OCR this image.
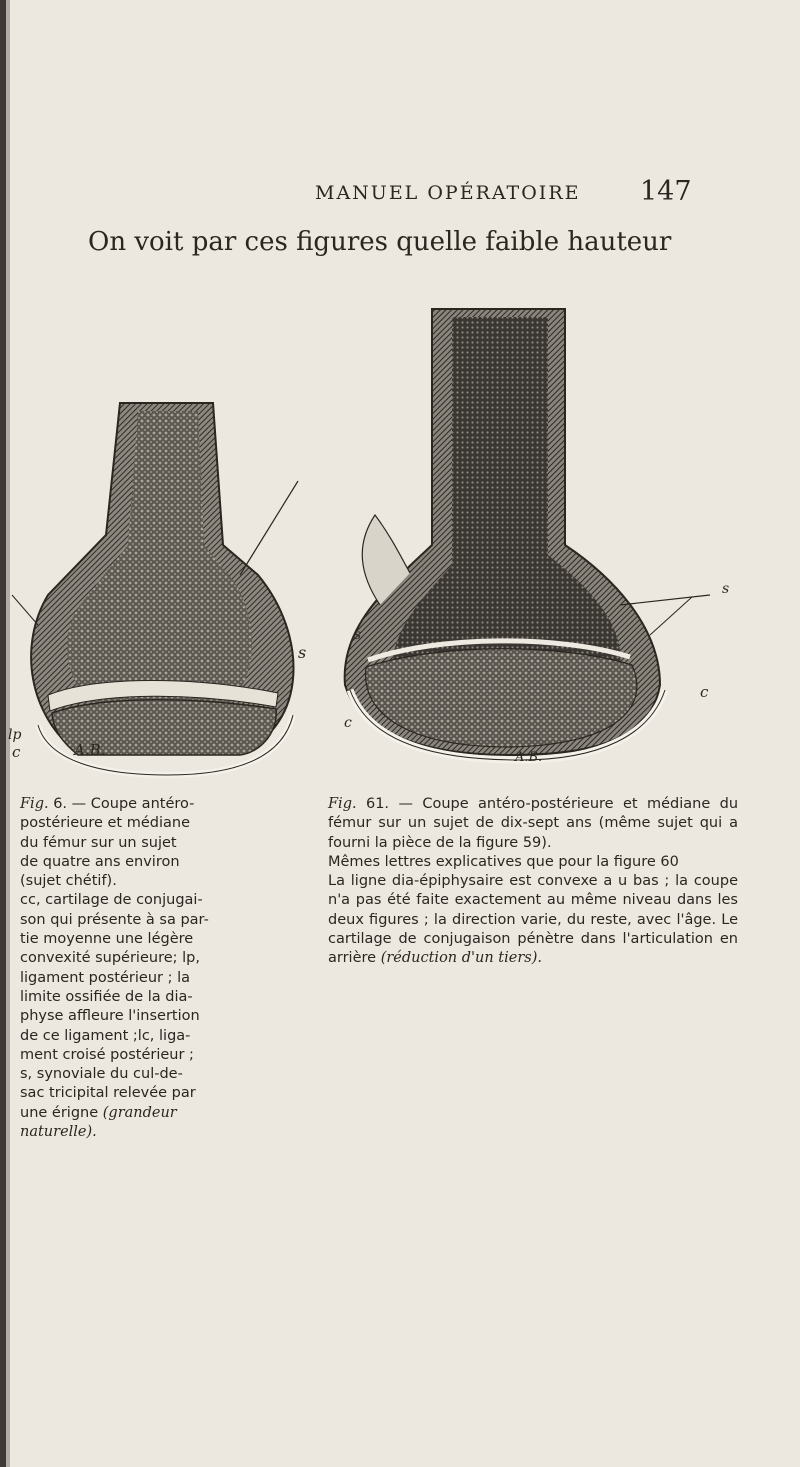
MANUEL OPÉRATOIRE 147
On voit par ces figures quelle faible hauteur
s
lp
c	A.B.
s
s
c
c
A.B.

Fig. 6. — Coupe antéro-
postérieure et médiane
du fémur sur un sujet
de quatre ans environ
(sujet chétif).

cc, cartilage de conjugai-
son qui présente à sa par-
tie moyenne une légère
convexité supérieure; lp,
ligament postérieur ; la
limite ossifiée de la dia-
physe affleure l'insertion
de ce ligament ;lc, liga-
ment croisé postérieur ;
s, synoviale du cul-de-
sac tricipital relevée par
une érigne (grandeur naturelle).

Fig. 61. — Coupe antéro-postérieure et médiane du fémur sur un sujet de dix-sept ans (même sujet qui a fourni la pièce de la figure 59).

Mêmes lettres explicatives que pour la figure 60

La ligne dia-épiphysaire est convexe a u bas ; la coupe n'a pas été faite exactement au même niveau dans les deux figures ; la direction varie, du reste, avec l'âge. Le cartilage de conjugaison pénètre dans l'articulation en arrière (réduction d'un tiers).
